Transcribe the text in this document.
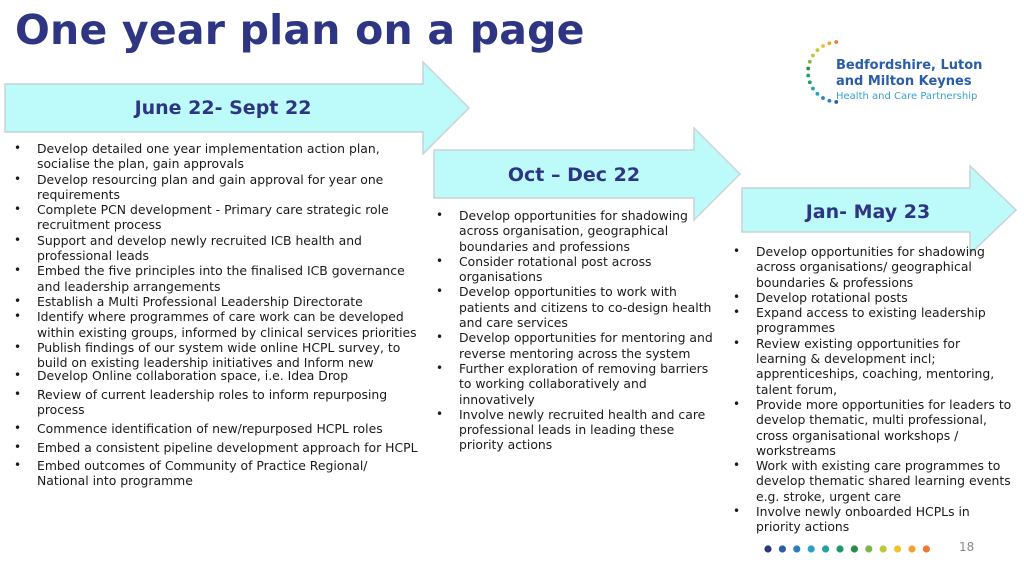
One year plan on a page
Bedfordshire, Luton
and Milton Keynes
Health and Care Partnership
June 22- Sept 22
Oct – Dec 22
Jan- May 23
• Develop detailed one year implementation action plan, socialise the plan, gain approvals
• Develop resourcing plan and gain approval for year one requirements
• Complete PCN development - Primary care strategic role recruitment process
• Support and develop newly recruited ICB health and professional leads
• Embed the five principles into the finalised ICB governance and leadership arrangements
• Establish a Multi Professional Leadership Directorate
• Identify where programmes of care work can be developed within existing groups, informed by clinical services priorities
• Publish findings of our system wide online HCPL survey, to build on existing leadership initiatives and Inform new
• Develop Online collaboration space, i.e. Idea Drop
• Review of current leadership roles to inform repurposing process
• Commence identification of new/repurposed HCPL roles
• Embed a consistent pipeline development approach for HCPL
• Embed outcomes of Community of Practice Regional/ National into programme
• Develop opportunities for shadowing across organisation, geographical boundaries and professions
• Consider rotational post across organisations
• Develop opportunities to work with patients and citizens to co-design health and care services
• Develop opportunities for mentoring and reverse mentoring across the system
• Further exploration of removing barriers to working collaboratively and innovatively
• Involve newly recruited health and care professional leads in leading these priority actions
• Develop opportunities for shadowing across organisations/ geographical boundaries & professions
• Develop rotational posts
• Expand access to existing leadership programmes
• Review existing opportunities for learning & development incl; apprenticeships, coaching, mentoring, talent forum,
• Provide more opportunities for leaders to develop thematic, multi professional, cross organisational workshops / workstreams
• Work with existing care programmes to develop thematic shared learning events e.g. stroke, urgent care
• Involve newly onboarded HCPLs in priority actions
18
